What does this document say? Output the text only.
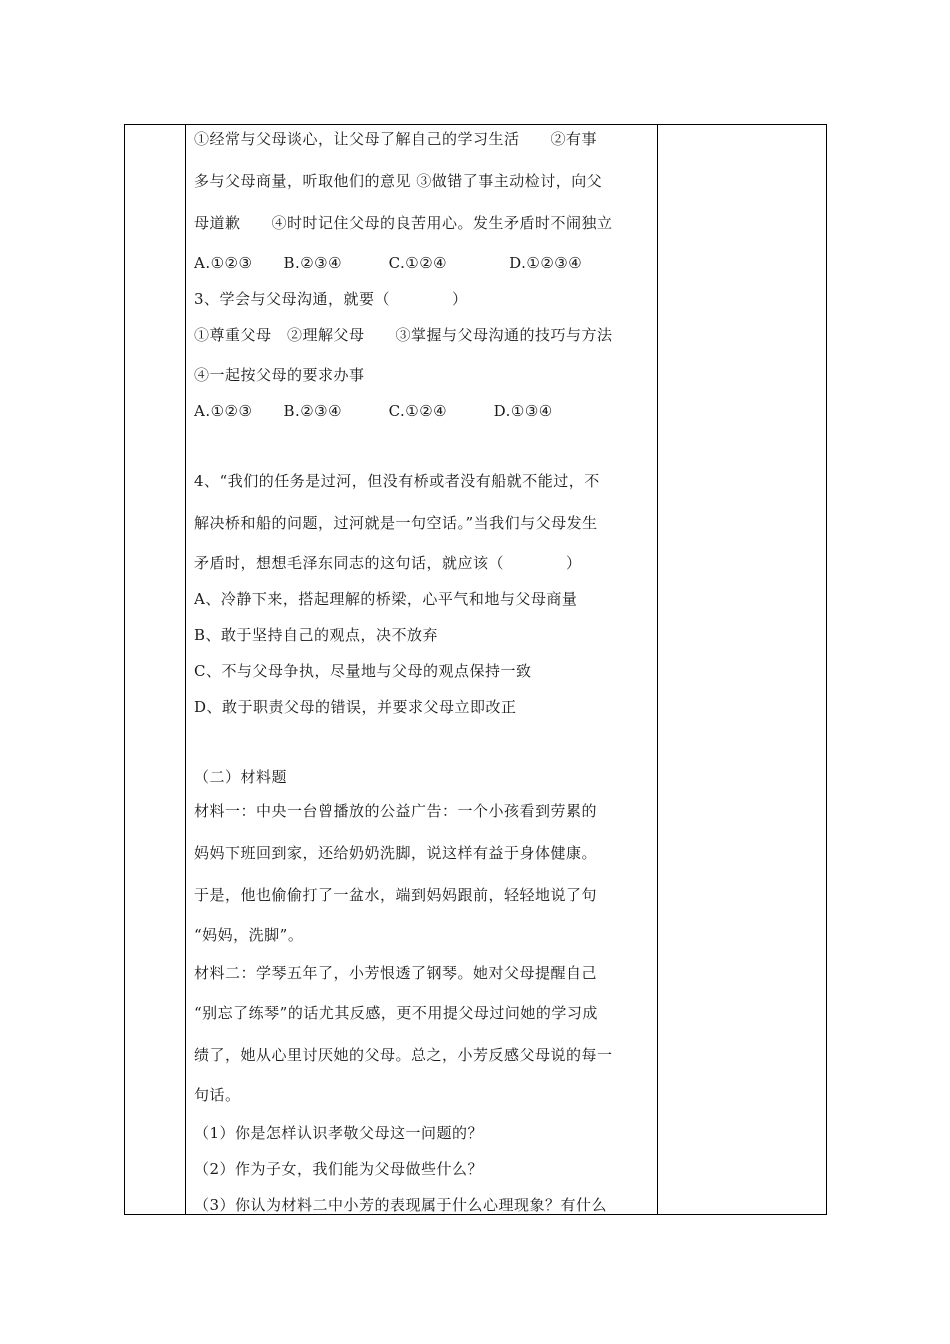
①经常与父母谈心，让父母了解自己的学习生活　　②有事
多与父母商量，听取他们的意见 ③做错了事主动检讨，向父
母道歉　　④时时记住父母的良苦用心。发生矛盾时不闹独立
A.①②③　　B.②③④　　　C.①②④　　　　D.①②③④
3、学会与父母沟通，就要（　　　　）
①尊重父母　②理解父母　　③掌握与父母沟通的技巧与方法
④一起按父母的要求办事
A.①②③　　B.②③④　　　C.①②④　　　D.①③④
4、“我们的任务是过河，但没有桥或者没有船就不能过，不
解决桥和船的问题，过河就是一句空话。”当我们与父母发生
矛盾时，想想毛泽东同志的这句话，就应该（　　　　）
A、冷静下来，搭起理解的桥梁，心平气和地与父母商量
B、敢于坚持自己的观点，决不放弃
C、不与父母争执，尽量地与父母的观点保持一致
D、敢于职责父母的错误，并要求父母立即改正
（二）材料题
材料一：中央一台曾播放的公益广告：一个小孩看到劳累的
妈妈下班回到家，还给奶奶洗脚，说这样有益于身体健康。
于是，他也偷偷打了一盆水，端到妈妈跟前，轻轻地说了句
“妈妈，洗脚”。
材料二：学琴五年了，小芳恨透了钢琴。她对父母提醒自己
“别忘了练琴”的话尤其反感，更不用提父母过问她的学习成
绩了，她从心里讨厌她的父母。总之，小芳反感父母说的每一
句话。
（1）你是怎样认识孝敬父母这一问题的？
（2）作为子女，我们能为父母做些什么？
（3）你认为材料二中小芳的表现属于什么心理现象？有什么
